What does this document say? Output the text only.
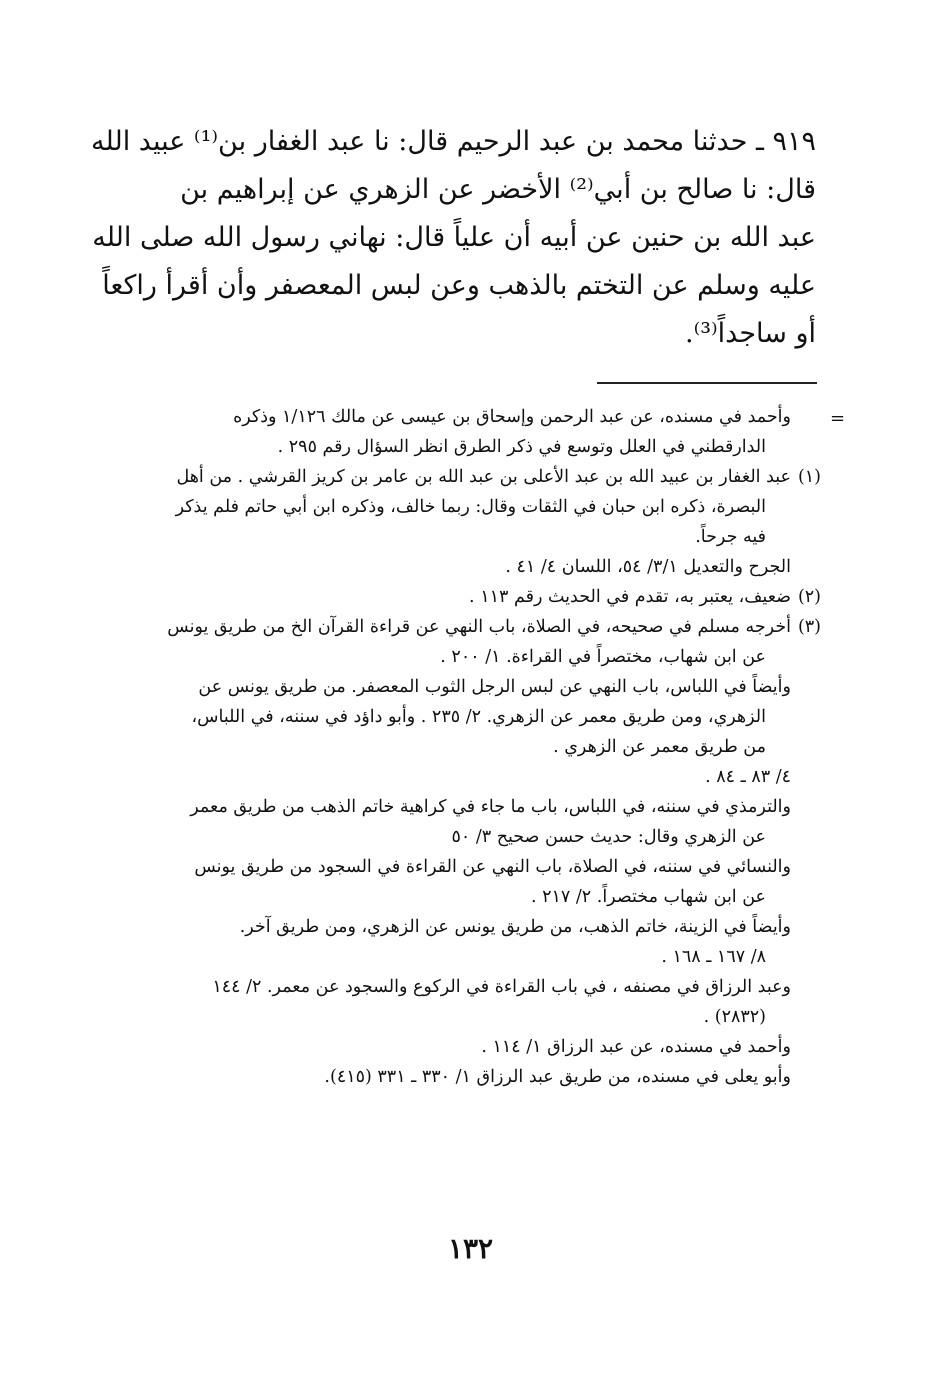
٩١٩ ـ حدثنا محمد بن عبد الرحيم قال: نا عبد الغفار بن⁽¹⁾ عبيد الله
قال: نا صالح بن أبي⁽²⁾ الأخضر عن الزهري عن إبراهيم بن
عبد الله بن حنين عن أبيه أن علياً قال: نهاني رسول الله صلى الله
عليه وسلم عن التختم بالذهب وعن لبس المعصفر وأن أقرأ راكعاً
أو ساجداً⁽³⁾.
=
وأحمد في مسنده، عن عبد الرحمن وإسحاق بن عيسى عن مالك ١/١٢٦ وذكره
الدارقطني في العلل وتوسع في ذكر الطرق انظر السؤال رقم ٢٩٥ .
(١)
عبد الغفار بن عبيد الله بن عبد الأعلى بن عبد الله بن عامر بن كريز القرشي . من أهل
البصرة، ذكره ابن حبان في الثقات وقال: ربما خالف، وذكره ابن أبي حاتم فلم يذكر
فيه جرحاً.
الجرح والتعديل ٣/١/ ٥٤، اللسان ٤/ ٤١ .
(٢)
ضعيف، يعتبر به، تقدم في الحديث رقم ١١٣ .
(٣)
أخرجه مسلم في صحيحه، في الصلاة، باب النهي عن قراءة القرآن الخ من طريق يونس
عن ابن شهاب، مختصراً في القراءة. ١/ ٢٠٠ .
وأيضاً في اللباس، باب النهي عن لبس الرجل الثوب المعصفر. من طريق يونس عن
الزهري، ومن طريق معمر عن الزهري. ٢/ ٢٣٥ . وأبو داؤد في سننه، في اللباس،
من طريق معمر عن الزهري .
٤/ ٨٣ ـ ٨٤ .
والترمذي في سننه، في اللباس، باب ما جاء في كراهية خاتم الذهب من طريق معمر
عن الزهري وقال: حديث حسن صحيح ٣/ ٥٠
والنسائي في سننه، في الصلاة، باب النهي عن القراءة في السجود من طريق يونس
عن ابن شهاب مختصراً. ٢/ ٢١٧ .
وأيضاً في الزينة، خاتم الذهب، من طريق يونس عن الزهري، ومن طريق آخر.
٨/ ١٦٧ ـ ١٦٨ .
وعبد الرزاق في مصنفه ، في باب القراءة في الركوع والسجود عن معمر. ٢/ ١٤٤
(٢٨٣٢) .
وأحمد في مسنده، عن عبد الرزاق ١/ ١١٤ .
وأبو يعلى في مسنده، من طريق عبد الرزاق ١/ ٣٣٠ ـ ٣٣١ (٤١٥).
١٣٢
